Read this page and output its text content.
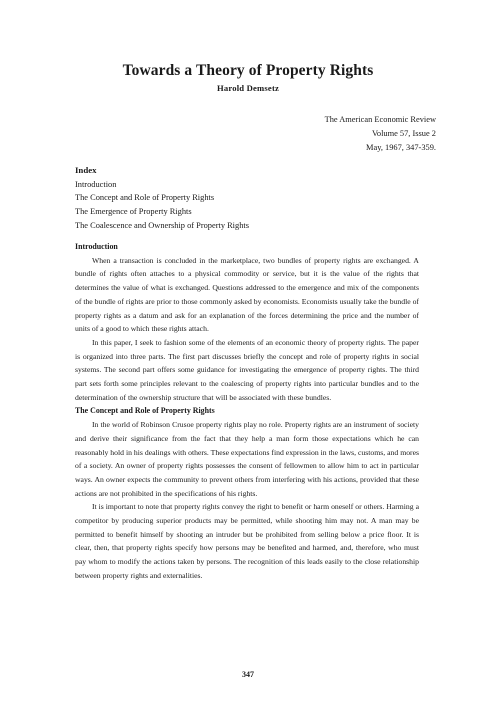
Towards a Theory of Property Rights
Harold Demsetz
The American Economic Review
Volume 57, Issue 2
May, 1967, 347-359.
Index
Introduction
The Concept and Role of Property Rights
The Emergence of Property Rights
The Coalescence and Ownership of Property Rights
Introduction

When a transaction is concluded in the marketplace, two bundles of property rights are exchanged. A bundle of rights often attaches to a physical commodity or service, but it is the value of the rights that determines the value of what is exchanged. Questions addressed to the emergence and mix of the components of the bundle of rights are prior to those commonly asked by economists. Economists usually take the bundle of property rights as a datum and ask for an explanation of the forces determining the price and the number of units of a good to which these rights attach.

In this paper, I seek to fashion some of the elements of an economic theory of property rights. The paper is organized into three parts. The first part discusses briefly the concept and role of property rights in social systems. The second part offers some guidance for investigating the emergence of property rights. The third part sets forth some principles relevant to the coalescing of property rights into particular bundles and to the determination of the ownership structure that will be associated with these bundles.

The Concept and Role of Property Rights

In the world of Robinson Crusoe property rights play no role. Property rights are an instrument of society and derive their significance from the fact that they help a man form those expectations which he can reasonably hold in his dealings with others. These expectations find expression in the laws, customs, and mores of a society. An owner of property rights possesses the consent of fellowmen to allow him to act in particular ways. An owner expects the community to prevent others from interfering with his actions, provided that these actions are not prohibited in the specifications of his rights.

It is important to note that property rights convey the right to benefit or harm oneself or others. Harming a competitor by producing superior products may be permitted, while shooting him may not. A man may be permitted to benefit himself by shooting an intruder but be prohibited from selling below a price floor. It is clear, then, that property rights specify how persons may be benefited and harmed, and, therefore, who must pay whom to modify the actions taken by persons. The recognition of this leads easily to the close relationship between property rights and externalities.

347
